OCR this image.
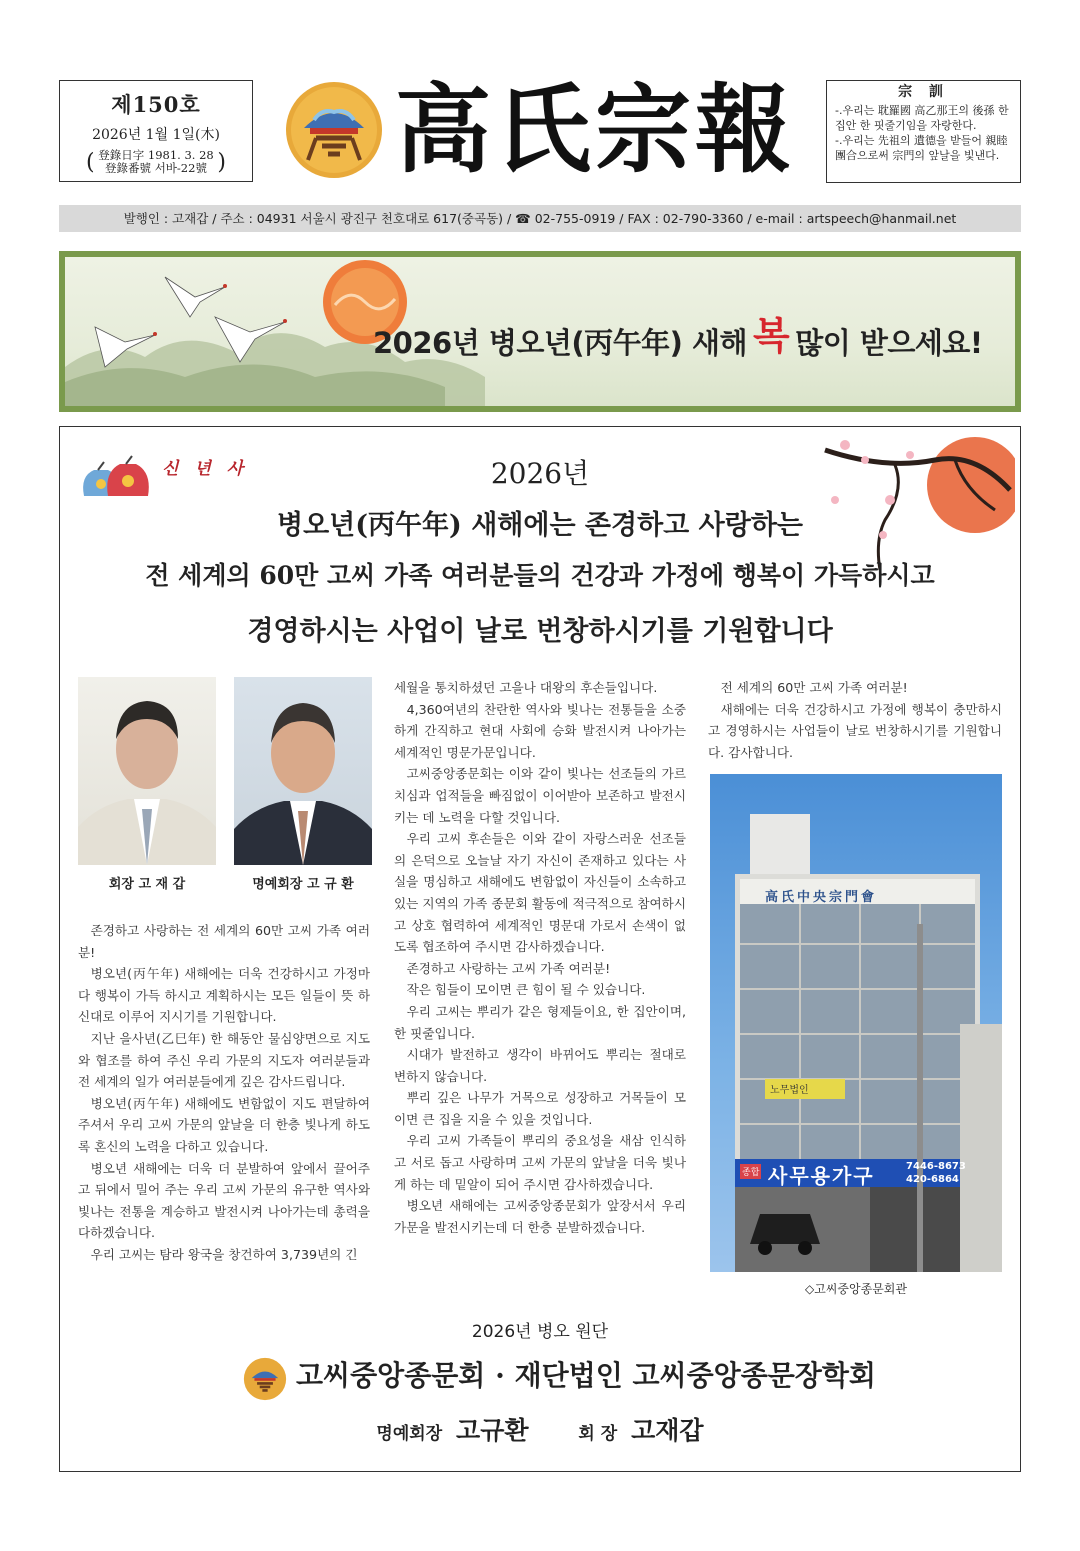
제150호
2026년 1월 1일(木)
( 登錄日字 1981. 3. 28
登錄番號 서바-22號 ) 高氏宗報	宗 訓
-.우리는 耽羅國 高乙那王의 後孫 한 집안 한 핏줄기임을 자랑한다.
-.우리는 先祖의 遺德을 받들어 親睦 團合으로써 宗門의 앞날을 빛낸다.
발행인 : 고재갑 / 주소 : 04931 서울시 광진구 천호대로 617(중곡동) / ☎ 02-755-0919 / FAX : 02-790-3360 / e-mail : artspeech@hanmail.net
2026년 병오년(丙午年) 새해 복 많이 받으세요!
신 년 사	2026년
병오년(丙午年) 새해에는 존경하고 사랑하는
전 세계의 60만 고씨 가족 여러분들의 건강과 가정에 행복이 가득하시고
경영하시는 사업이 날로 번창하시기를 기원합니다
회장 고 재 갑	명예회장 고 규 환

존경하고 사랑하는 전 세계의 60만 고씨 가족 여러분!

병오년(丙午年) 새해에는 더욱 건강하시고 가정마다 행복이 가득 하시고 계획하시는 모든 일들이 뜻 하신대로 이루어 지시기를 기원합니다.

지난 을사년(乙巳年) 한 해동안 물심양면으로 지도와 협조를 하여 주신 우리 가문의 지도자 여러분들과 전 세계의 일가 여러분들에게 깊은 감사드립니다.

병오년(丙午年) 새해에도 변함없이 지도 편달하여 주셔서 우리 고씨 가문의 앞날을 더 한층 빛나게 하도록 혼신의 노력을 다하고 있습니다.

병오년 새해에는 더욱 더 분발하여 앞에서 끌어주고 뒤에서 밀어 주는 우리 고씨 가문의 유구한 역사와 빛나는 전통을 계승하고 발전시켜 나아가는데 총력을 다하겠습니다.

우리 고씨는 탐라 왕국을 창건하여 3,739년의 긴

세월을 통치하셨던 고을나 대왕의 후손들입니다.

4,360여년의 찬란한 역사와 빛나는 전통들을 소중하게 간직하고 현대 사회에 승화 발전시켜 나아가는 세계적인 명문가문입니다.

고씨중앙종문회는 이와 같이 빛나는 선조들의 가르치심과 업적들을 빠짐없이 이어받아 보존하고 발전시키는 데 노력을 다할 것입니다.

우리 고씨 후손들은 이와 같이 자랑스러운 선조들의 은덕으로 오늘날 자기 자신이 존재하고 있다는 사실을 명심하고 새해에도 변함없이 자신들이 소속하고 있는 지역의 가족 종문회 활동에 적극적으로 참여하시고 상호 협력하여 세계적인 명문대 가로서 손색이 없도록 협조하여 주시면 감사하겠습니다.

존경하고 사랑하는 고씨 가족 여러분!

작은 힘들이 모이면 큰 힘이 될 수 있습니다.

우리 고씨는 뿌리가 같은 형제들이요, 한 집안이며, 한 핏줄입니다.

시대가 발전하고 생각이 바뀌어도 뿌리는 절대로 변하지 않습니다.

뿌리 깊은 나무가 거목으로 성장하고 거목들이 모이면 큰 집을 지을 수 있을 것입니다.

우리 고씨 가족들이 뿌리의 중요성을 새삼 인식하고 서로 돕고 사랑하며 고씨 가문의 앞날을 더욱 빛나게 하는 데 밑알이 되어 주시면 감사하겠습니다.

병오년 새해에는 고씨중앙종문회가 앞장서서 우리 가문을 발전시키는데 더 한층 분발하겠습니다.

전 세계의 60만 고씨 가족 여러분!

새해에는 더욱 건강하시고 가정에 행복이 충만하시고 경영하시는 사업들이 날로 번창하시기를 기원합니다. 감사합니다.

高氏中央宗門會
노무법인
종합 사무용가구	7446-8673
420-6864
◇고씨중앙종문회관
2026년 병오 원단
고씨중앙종문회 · 재단법인 고씨중앙종문장학회
명예회장 고규환	회 장 고재갑
